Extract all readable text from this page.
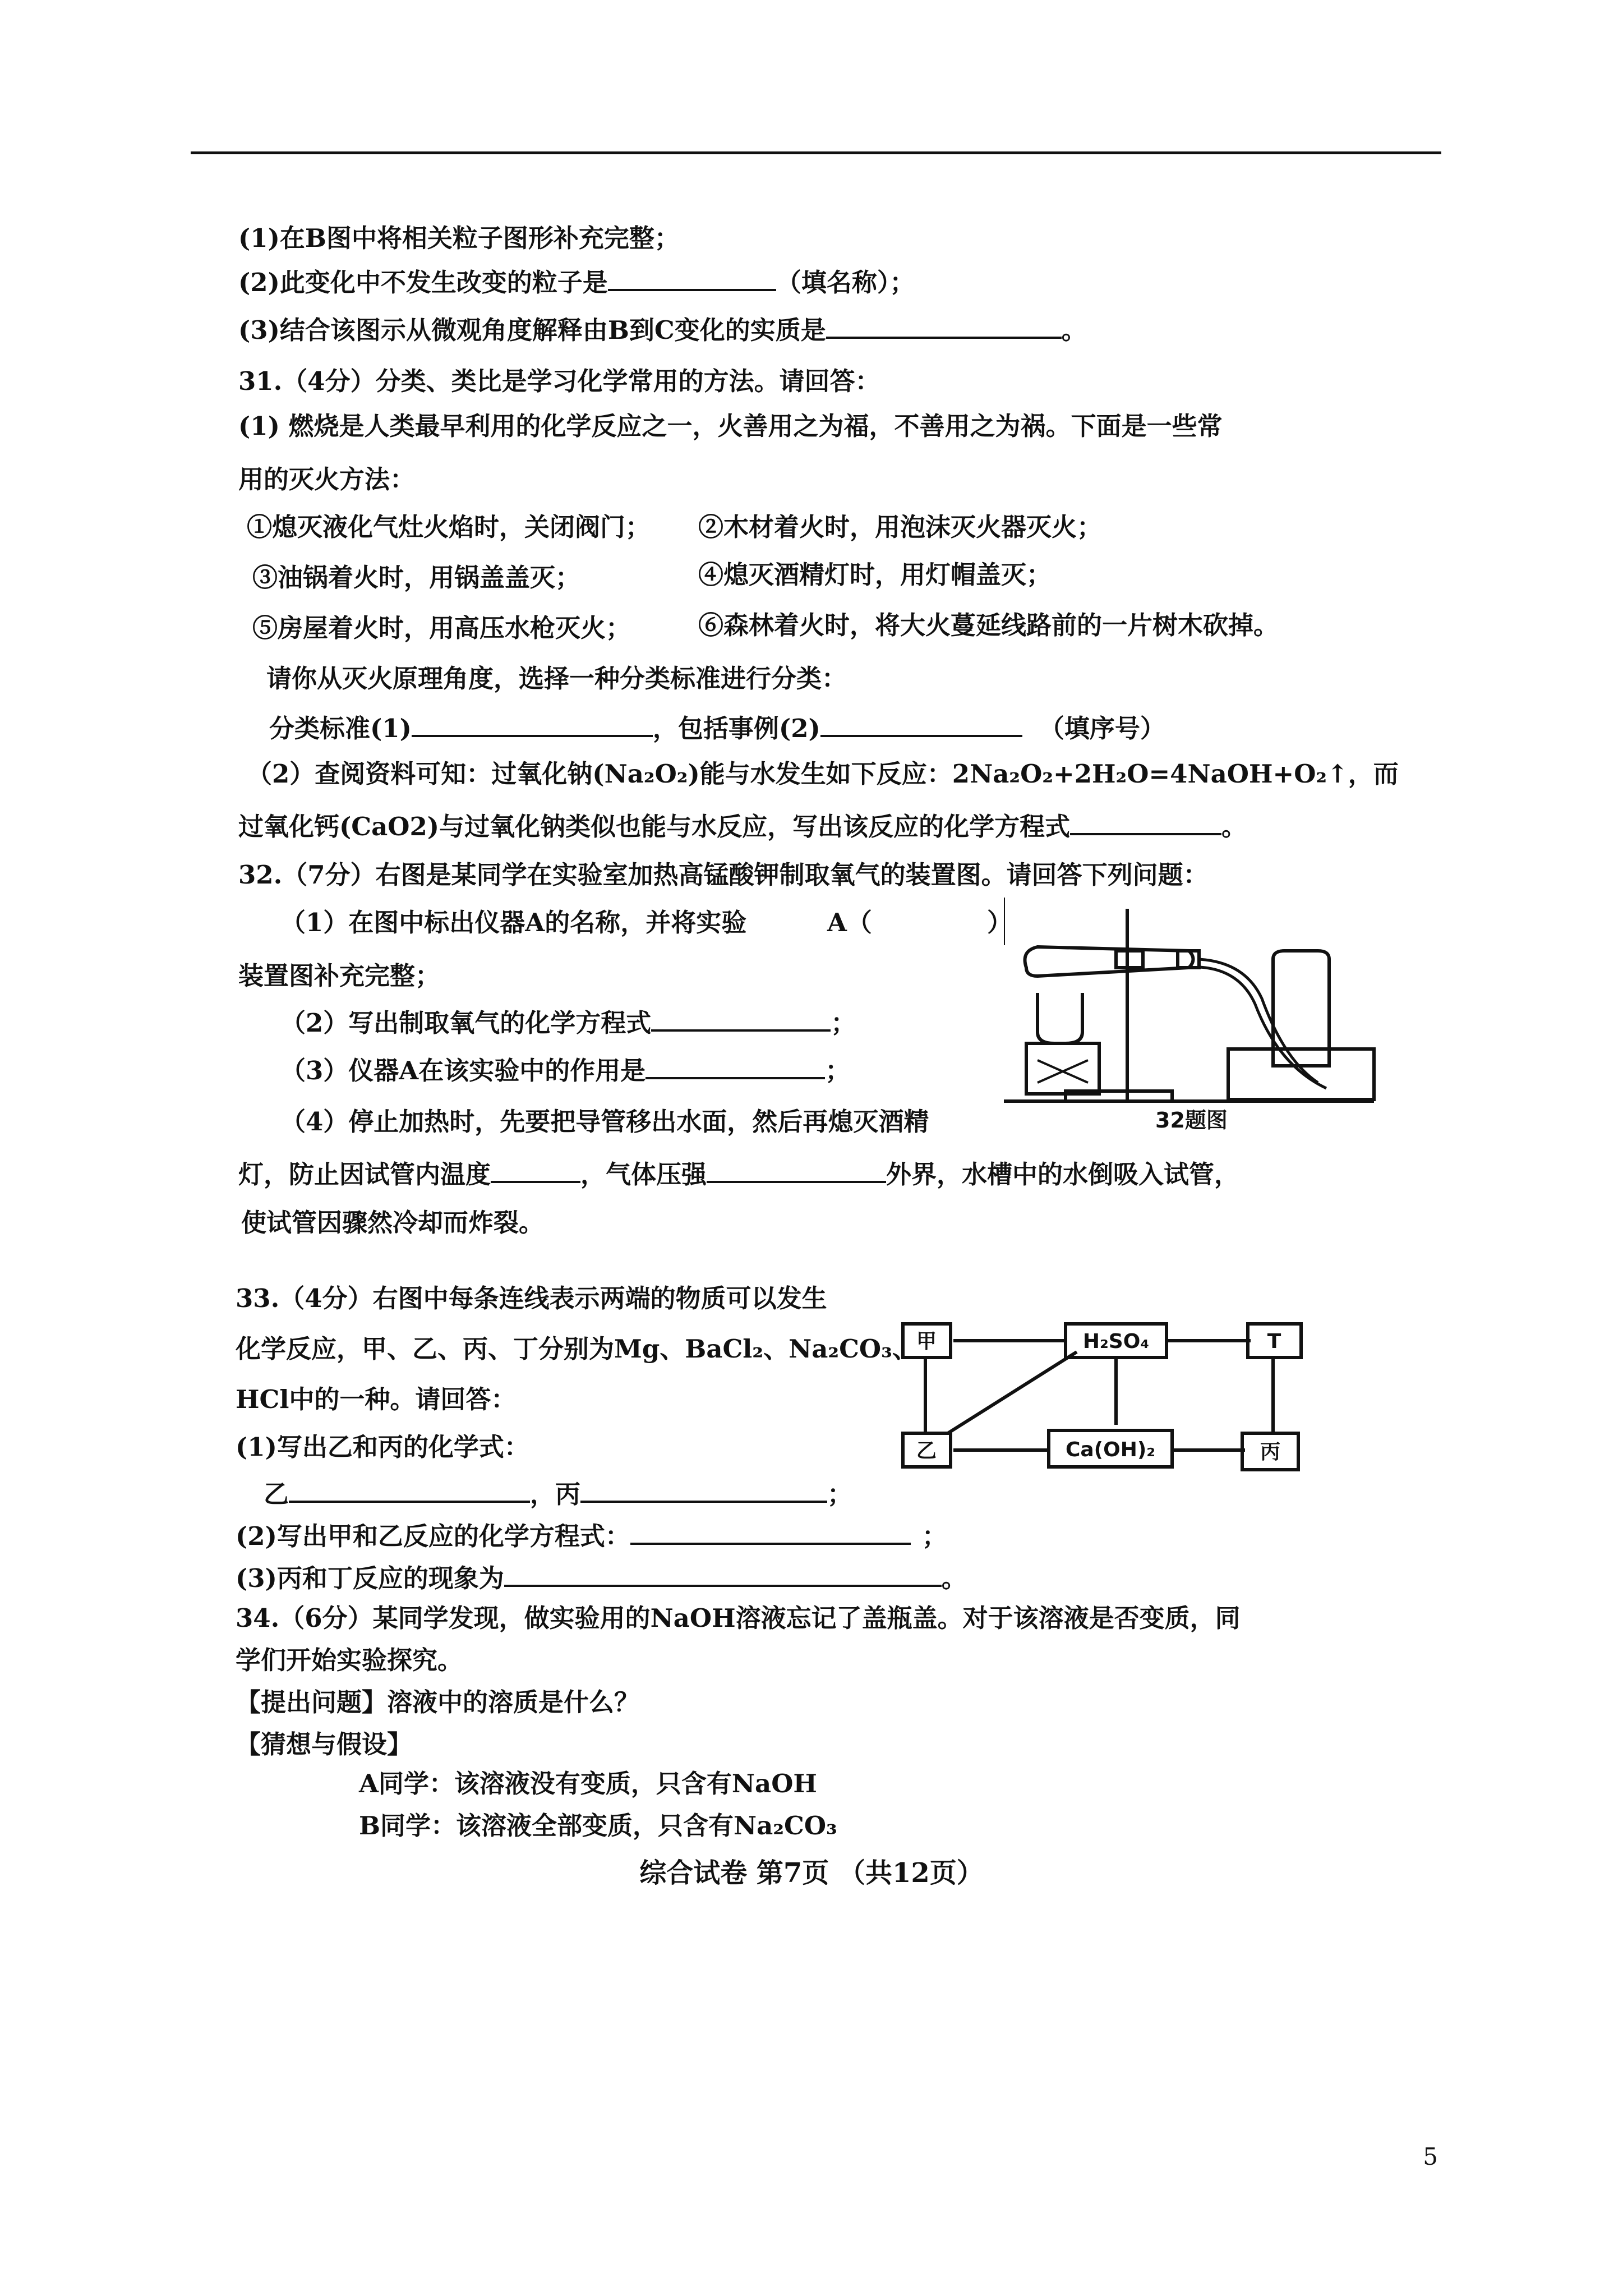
(1)在B图中将相关粒子图形补充完整；
(2)此变化中不发生改变的粒子是	（填名称）；
(3)结合该图示从微观角度解释由B到C变化的实质是	。
31.（4分）分类、类比是学习化学常用的方法。请回答：
(1) 燃烧是人类最早利用的化学反应之一，火善用之为福，不善用之为祸。下面是一些常
用的灭火方法：
①熄灭液化气灶火焰时，关闭阀门； ②木材着火时，用泡沫灭火器灭火；
③油锅着火时，用锅盖盖灭；	④熄灭酒精灯时，用灯帽盖灭；
⑤房屋着火时，用高压水枪灭火；	⑥森林着火时，将大火蔓延线路前的一片树木砍掉。
请你从灭火原理角度，选择一种分类标准进行分类：
分类标准(1)	，包括事例(2)	（填序号）
（2）查阅资料可知：过氧化钠(Na₂O₂)能与水发生如下反应：2Na₂O₂+2H₂O=4NaOH+O₂↑，而
过氧化钙(CaO2)与过氧化钠类似也能与水反应，写出该反应的化学方程式	。
32.（7分）右图是某同学在实验室加热高锰酸钾制取氧气的装置图。请回答下列问题：
（1）在图中标出仪器A的名称，并将实验	A（	）
装置图补充完整；
（2）写出制取氧气的化学方程式	；
（3）仪器A在该实验中的作用是	；
（4）停止加热时，先要把导管移出水面，然后再熄灭酒精
灯，防止因试管内温度	，气体压强	外界，水槽中的水倒吸入试管，
使试管因骤然冷却而炸裂。
32题图
33.（4分）右图中每条连线表示两端的物质可以发生
化学反应，甲、乙、丙、丁分别为Mg、BaCl₂、Na₂CO₃、
HCl中的一种。请回答：
(1)写出乙和丙的化学式：
乙	，丙	；
(2)写出甲和乙反应的化学方程式：	；
(3)丙和丁反应的现象为	。
甲	H₂SO₄	T
乙	Ca(OH)₂	丙
34.（6分）某同学发现，做实验用的NaOH溶液忘记了盖瓶盖。对于该溶液是否变质，同
学们开始实验探究。
【提出问题】溶液中的溶质是什么？
【猜想与假设】
A同学：该溶液没有变质，只含有NaOH
B同学：该溶液全部变质，只含有Na₂CO₃
综合试卷 第7页 （共12页）
5
